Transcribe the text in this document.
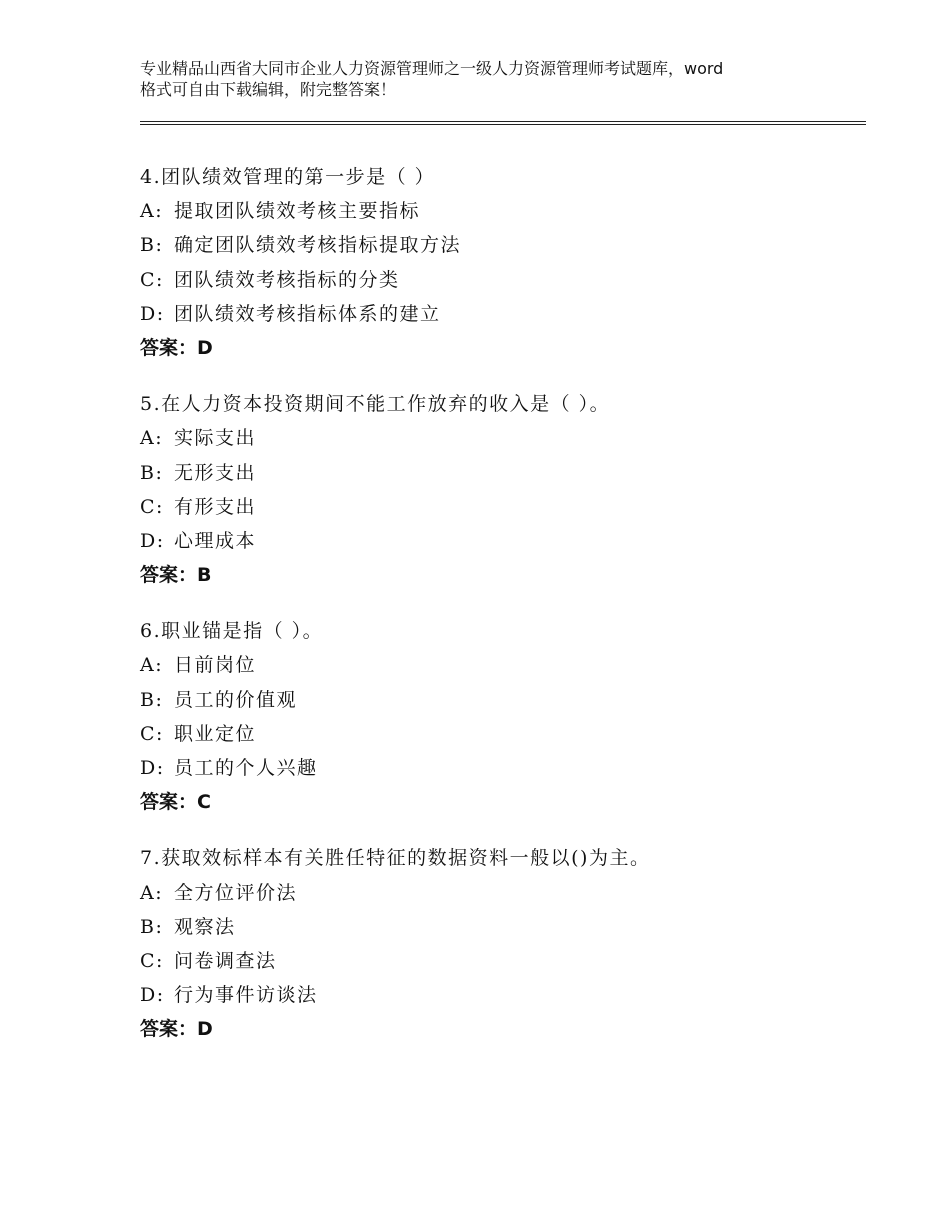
专业精品山西省大同市企业人力资源管理师之一级人力资源管理师考试题库，word
格式可自由下载编辑，附完整答案！
4.团队绩效管理的第一步是（ ）
A: 提取团队绩效考核主要指标
B: 确定团队绩效考核指标提取方法
C: 团队绩效考核指标的分类
D: 团队绩效考核指标体系的建立
答案：D
5.在人力资本投资期间不能工作放弃的收入是（ ）。
A: 实际支出
B: 无形支出
C: 有形支出
D: 心理成本
答案：B
6.职业锚是指（ ）。
A: 日前岗位
B: 员工的价值观
C: 职业定位
D: 员工的个人兴趣
答案：C
7.获取效标样本有关胜任特征的数据资料一般以()为主。
A: 全方位评价法
B: 观察法
C: 问卷调查法
D: 行为事件访谈法
答案：D
